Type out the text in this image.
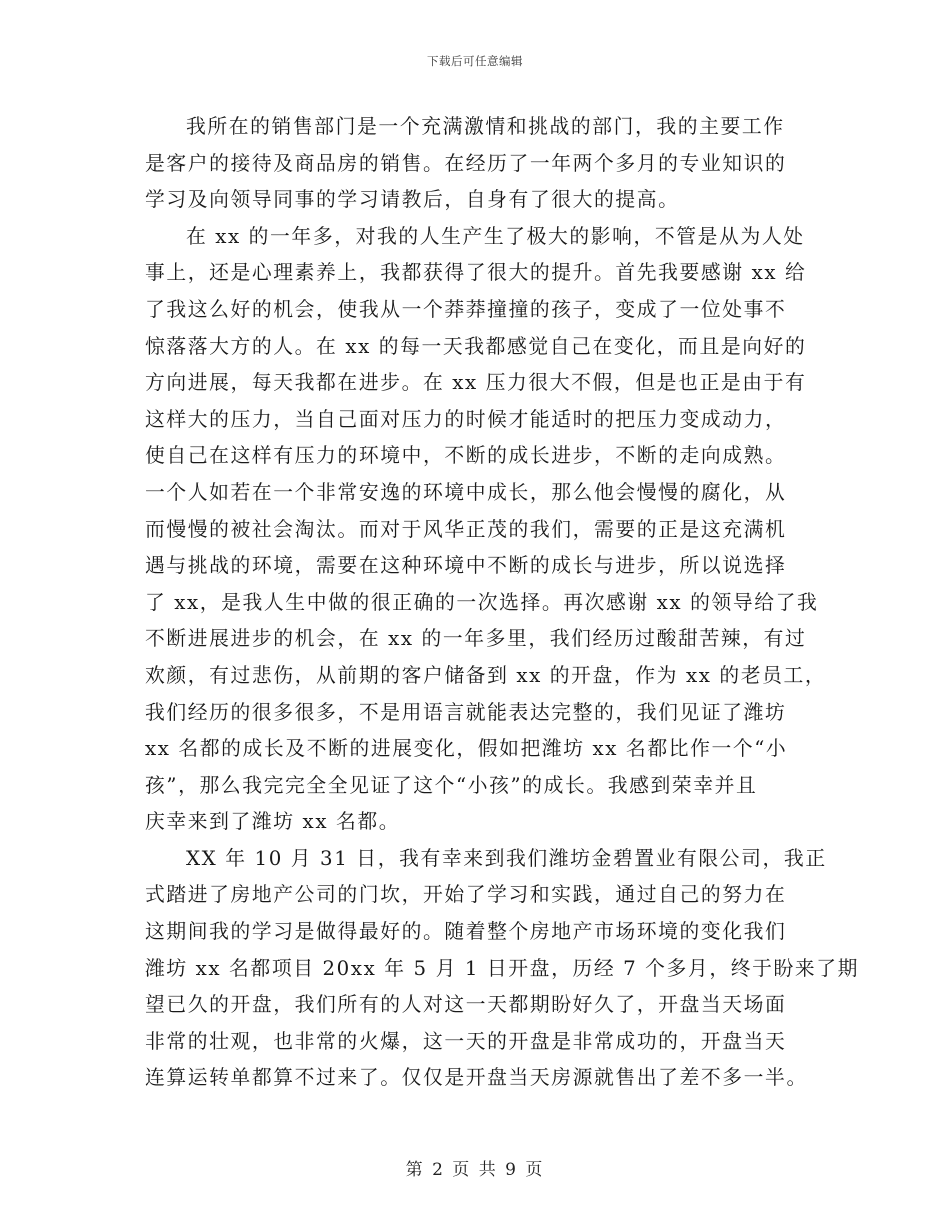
下载后可任意编辑

我所在的销售部门是一个充满激情和挑战的部门，我的主要工作
是客户的接待及商品房的销售。在经历了一年两个多月的专业知识的
学习及向领导同事的学习请教后，自身有了很大的提高。

在 xx 的一年多，对我的人生产生了极大的影响，不管是从为人处
事上，还是心理素养上，我都获得了很大的提升。首先我要感谢 xx 给
了我这么好的机会，使我从一个莽莽撞撞的孩子，变成了一位处事不
惊落落大方的人。在 xx 的每一天我都感觉自己在变化，而且是向好的
方向进展，每天我都在进步。在 xx 压力很大不假，但是也正是由于有
这样大的压力，当自己面对压力的时候才能适时的把压力变成动力，
使自己在这样有压力的环境中，不断的成长进步，不断的走向成熟。
一个人如若在一个非常安逸的环境中成长，那么他会慢慢的腐化，从
而慢慢的被社会淘汰。而对于风华正茂的我们，需要的正是这充满机
遇与挑战的环境，需要在这种环境中不断的成长与进步，所以说选择
了 xx，是我人生中做的很正确的一次选择。再次感谢 xx 的领导给了我
不断进展进步的机会，在 xx 的一年多里，我们经历过酸甜苦辣，有过
欢颜，有过悲伤，从前期的客户储备到 xx 的开盘，作为 xx 的老员工，
我们经历的很多很多，不是用语言就能表达完整的，我们见证了潍坊
xx 名都的成长及不断的进展变化，假如把潍坊 xx 名都比作一个“小
孩”，那么我完完全全见证了这个“小孩”的成长。我感到荣幸并且
庆幸来到了潍坊 xx 名都。

XX 年 10 月 31 日，我有幸来到我们潍坊金碧置业有限公司，我正
式踏进了房地产公司的门坎，开始了学习和实践，通过自己的努力在
这期间我的学习是做得最好的。随着整个房地产市场环境的变化我们
潍坊 xx 名都项目 20xx 年 5 月 1 日开盘，历经 7 个多月，终于盼来了期
望已久的开盘，我们所有的人对这一天都期盼好久了，开盘当天场面
非常的壮观，也非常的火爆，这一天的开盘是非常成功的，开盘当天
连算运转单都算不过来了。仅仅是开盘当天房源就售出了差不多一半。

第 2 页 共 9 页
